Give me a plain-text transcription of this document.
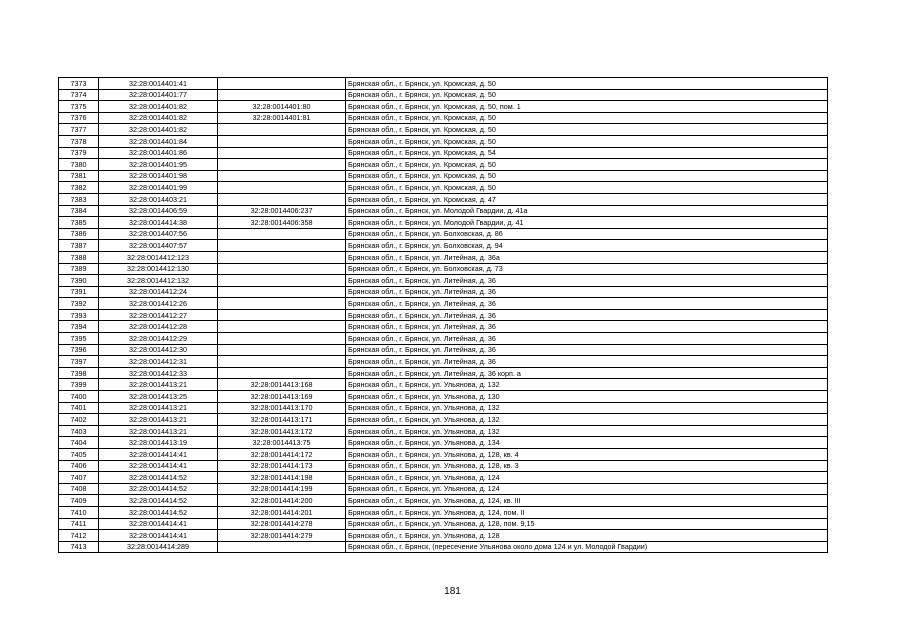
7373	32:28:0014401:41		Брянская обл., г. Брянск, ул. Кромская, д. 50
7374	32:28:0014401:77		Брянская обл., г. Брянск, ул. Кромская, д. 50
7375	32:28:0014401:82	32:28:0014401:80	Брянская обл., г. Брянск, ул. Кромская, д. 50, пом. 1
7376	32:28:0014401:82	32:28:0014401:81	Брянская обл., г. Брянск, ул. Кромская, д. 50
7377	32:28:0014401:82		Брянская обл., г. Брянск, ул. Кромская, д. 50
7378	32:28:0014401:84		Брянская обл., г. Брянск, ул. Кромская, д. 50
7379	32:28:0014401:86		Брянская обл., г. Брянск, ул. Кромская, д. 54
7380	32:28:0014401:95		Брянская обл., г. Брянск, ул. Кромская, д. 50
7381	32:28:0014401:98		Брянская обл., г. Брянск, ул. Кромская, д. 50
7382	32:28:0014401:99		Брянская обл., г. Брянск, ул. Кромская, д. 50
7383	32:28:0014403:21		Брянская обл., г. Брянск, ул. Кромская, д. 47
7384	32:28:0014406:59	32:28:0014406:237	Брянская обл., г. Брянск, ул. Молодой Гвардии, д. 41а
7385	32:28:0014414:38	32:28:0014406:358	Брянская обл., г. Брянск, ул. Молодой Гвардии, д. 41
7386	32:28:0014407:56		Брянская обл., г. Брянск, ул. Болховская, д. 86
7387	32:28:0014407:57		Брянская обл., г. Брянск, ул. Болховская, д. 94
7388	32:28:0014412:123		Брянская обл., г. Брянск, ул. Литейная, д. 36а
7389	32:28:0014412:130		Брянская обл., г. Брянск, ул. Болховская, д. 73
7390	32:28:0014412:132		Брянская обл., г. Брянск, ул. Литейная, д. 36
7391	32:28:0014412:24		Брянская обл., г. Брянск, ул. Литейная, д. 36
7392	32:28:0014412:26		Брянская обл., г. Брянск, ул. Литейная, д. 36
7393	32:28:0014412:27		Брянская обл., г. Брянск, ул. Литейная, д. 36
7394	32:28:0014412:28		Брянская обл., г. Брянск, ул. Литейная, д. 36
7395	32:28:0014412:29		Брянская обл., г. Брянск, ул. Литейная, д. 36
7396	32:28:0014412:30		Брянская обл., г. Брянск, ул. Литейная, д. 36
7397	32:28:0014412:31		Брянская обл., г. Брянск, ул. Литейная, д. 36
7398	32:28:0014412:33		Брянская обл., г. Брянск, ул. Литейная, д. 36 корп. а
7399	32:28:0014413:21	32:28:0014413:168	Брянская обл., г. Брянск, ул. Ульянова, д. 132
7400	32:28:0014413:25	32:28:0014413:169	Брянская обл., г. Брянск, ул. Ульянова, д. 130
7401	32:28:0014413:21	32:28:0014413:170	Брянская обл., г. Брянск, ул. Ульянова, д. 132
7402	32:28:0014413:21	32:28:0014413:171	Брянская обл., г. Брянск, ул. Ульянова, д. 132
7403	32:28:0014413:21	32:28:0014413:172	Брянская обл., г. Брянск, ул. Ульянова, д. 132
7404	32:28:0014413:19	32:28:0014413:75	Брянская обл., г. Брянск, ул. Ульянова, д. 134
7405	32:28:0014414:41	32:28:0014414:172	Брянская обл., г. Брянск, ул. Ульянова, д. 128, кв. 4
7406	32:28:0014414:41	32:28:0014414:173	Брянская обл., г. Брянск, ул. Ульянова, д. 128, кв. 3
7407	32:28:0014414:52	32:28:0014414:198	Брянская обл., г. Брянск, ул. Ульянова, д. 124
7408	32:28:0014414:52	32:28:0014414:199	Брянская обл., г. Брянск, ул. Ульянова, д. 124
7409	32:28:0014414:52	32:28:0014414:200	Брянская обл., г. Брянск, ул. Ульянова, д. 124, кв. III
7410	32:28:0014414:52	32:28:0014414:201	Брянская обл., г. Брянск, ул. Ульянова, д. 124, пом. II
7411	32:28:0014414:41	32:28:0014414:278	Брянская обл., г. Брянск, ул. Ульянова, д. 128, пом. 9,15
7412	32:28:0014414:41	32:28:0014414:279	Брянская обл., г. Брянск, ул. Ульянова, д. 128
7413	32:28:0014414:289		Брянская обл., г. Брянск, (пересечение Ульянова около дома 124 и ул. Молодой Гвардии)
181
